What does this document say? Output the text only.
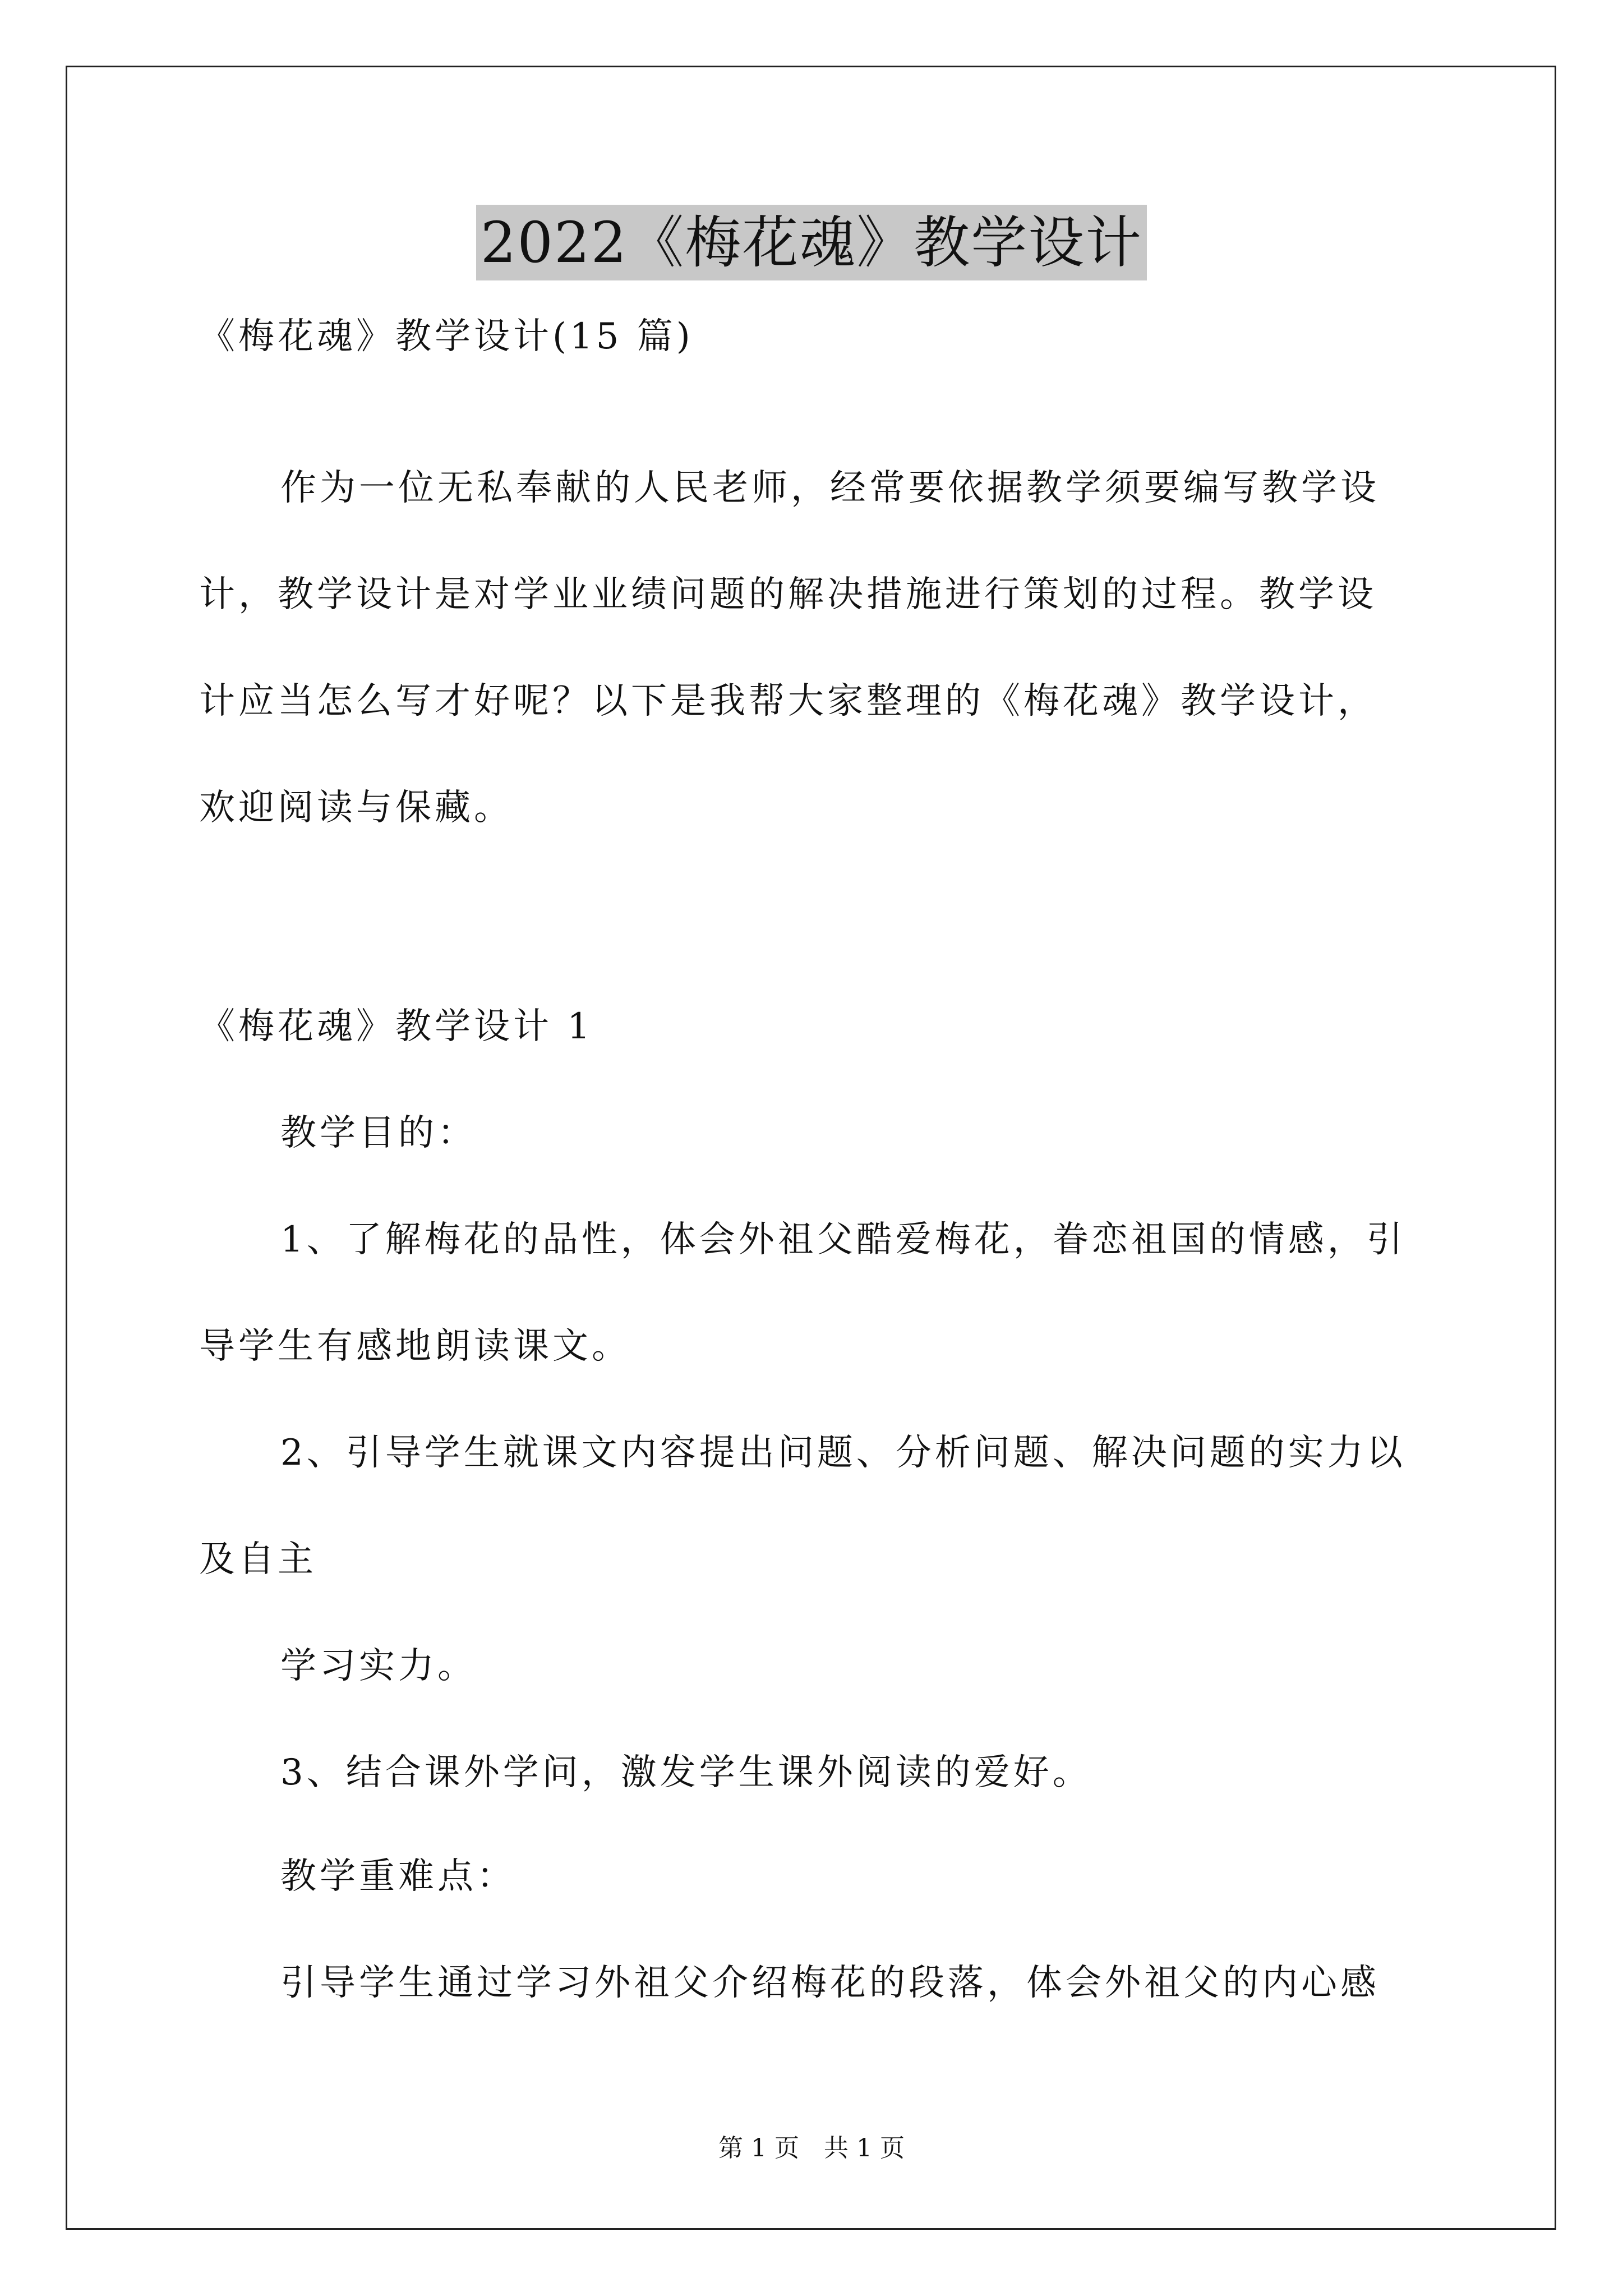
2022《梅花魂》教学设计
《梅花魂》教学设计(15 篇)
作为一位无私奉献的人民老师，经常要依据教学须要编写教学设
计，教学设计是对学业业绩问题的解决措施进行策划的过程。教学设
计应当怎么写才好呢？以下是我帮大家整理的《梅花魂》教学设计，
欢迎阅读与保藏。
《梅花魂》教学设计 1
教学目的：
1、了解梅花的品性，体会外祖父酷爱梅花，眷恋祖国的情感，引
导学生有感地朗读课文。
2、引导学生就课文内容提出问题、分析问题、解决问题的实力以
及自主
学习实力。
3、结合课外学问，激发学生课外阅读的爱好。
教学重难点：
引导学生通过学习外祖父介绍梅花的段落，体会外祖父的内心感
第 1 页　共 1 页
